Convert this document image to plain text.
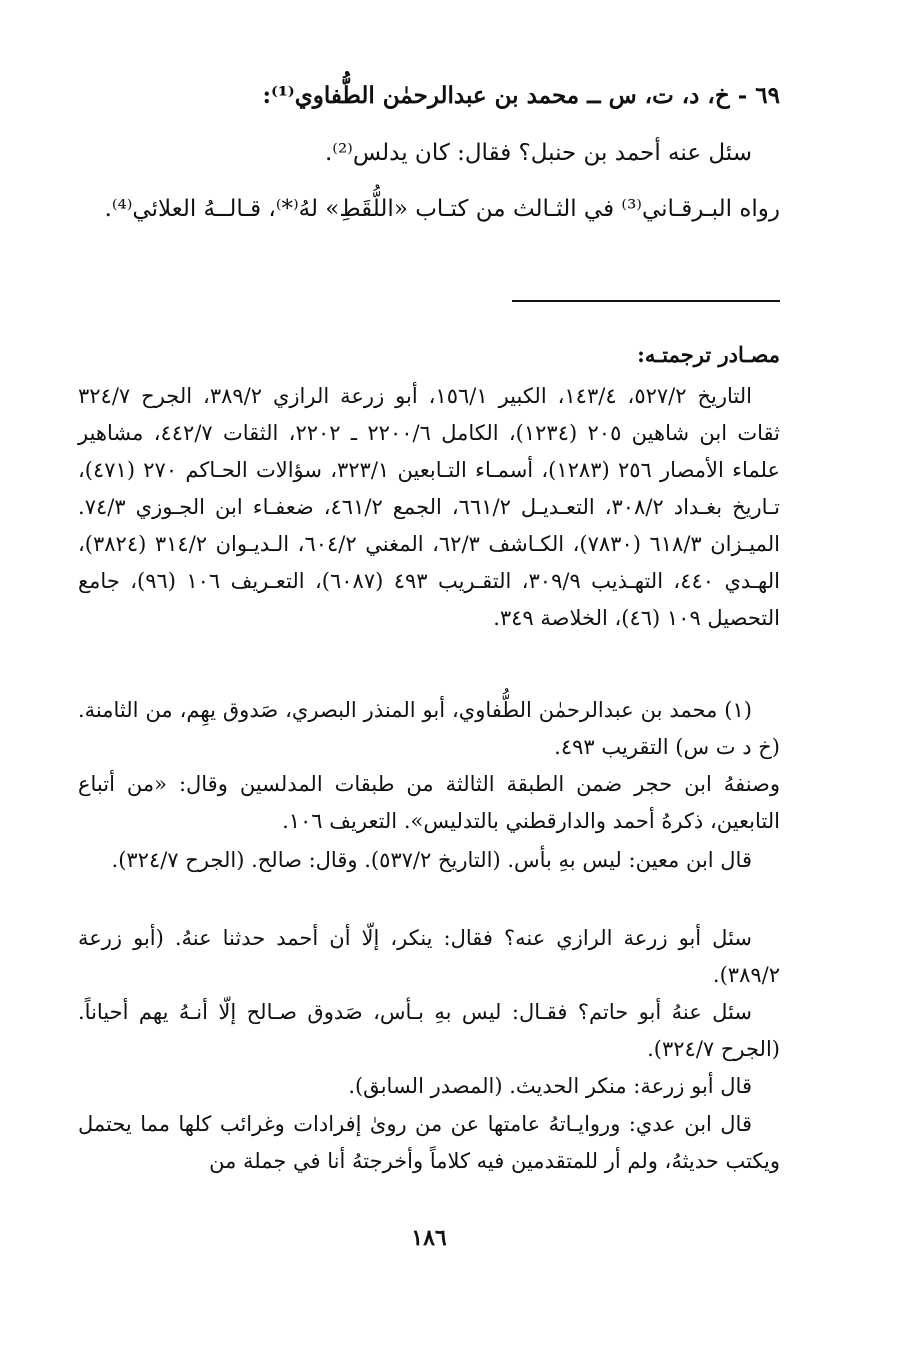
٦٩ - خ، د، ت، س ــ محمد بن عبدالرحمٰن الطُّفاوي⁽¹⁾:
سئل عنه أحمد بن حنبل؟ فقال: كان يدلس⁽²⁾.
رواه البـرقـاني⁽³⁾ في الثـالث من كتـاب «اللُّقَطِ» لهُ⁽*⁾، قـالــهُ العلائي⁽⁴⁾.
مصـادر ترجمتـه:
التاريخ ٥٢٧/٢، ١٤٣/٤، الكبير ١٥٦/١، أبو زرعة الرازي ٣٨٩/٢، الجرح ٣٢٤/٧ ثقات ابن شاهين ٢٠٥ (١٢٣٤)، الكامل ٢٢٠٠/٦ ـ ٢٢٠٢، الثقات ٤٤٢/٧، مشاهير علماء الأمصار ٢٥٦ (١٢٨٣)، أسمـاء التـابعين ٣٢٣/١، سؤالات الحـاكم ٢٧٠ (٤٧١)، تـاريخ بغـداد ٣٠٨/٢، التعـديـل ٦٦١/٢، الجمع ٤٦١/٢، ضعفـاء ابن الجـوزي ٧٤/٣. الميـزان ٦١٨/٣ (٧٨٣٠)، الكـاشف ٦٢/٣، المغني ٦٠٤/٢، الـديـوان ٣١٤/٢ (٣٨٢٤)، الهـدي ٤٤٠، التهـذيب ٣٠٩/٩، التقـريب ٤٩٣ (٦٠٨٧)، التعـريف ١٠٦ (٩٦)، جامع التحصيل ١٠٩ (٤٦)، الخلاصة ٣٤٩.
(١) محمد بن عبدالرحمٰن الطُّفاوي، أبو المنذر البصري، صَدوق يهِم، من الثامنة. (خ د ت س) التقريب ٤٩٣.
وصنفهُ ابن حجر ضمن الطبقة الثالثة من طبقات المدلسين وقال: «من أتباع التابعين، ذكرهُ أحمد والدارقطني بالتدليس». التعريف ١٠٦.
قال ابن معين: ليس بهِ بأس. (التاريخ ٥٣٧/٢). وقال: صالح. (الجرح ٣٢٤/٧).
سئل أبو زرعة الرازي عنه؟ فقال: ينكر، إلّا أن أحمد حدثنا عنهُ. (أبو زرعة ٣٨٩/٢).
سئل عنهُ أبو حاتم؟ فقـال: ليس بهِ بـأس، صَدوق صـالح إلّا أنـهُ يهم أحياناً. (الجرح ٣٢٤/٧).
قال أبو زرعة: منكر الحديث. (المصدر السابق).
قال ابن عدي: وروايـاتهُ عامتها عن من روىٰ إفرادات وغرائب كلها مما يحتمل ويكتب حديثهُ، ولم أر للمتقدمين فيه كلاماً وأخرجتهُ أنا في جملة من
١٨٦
